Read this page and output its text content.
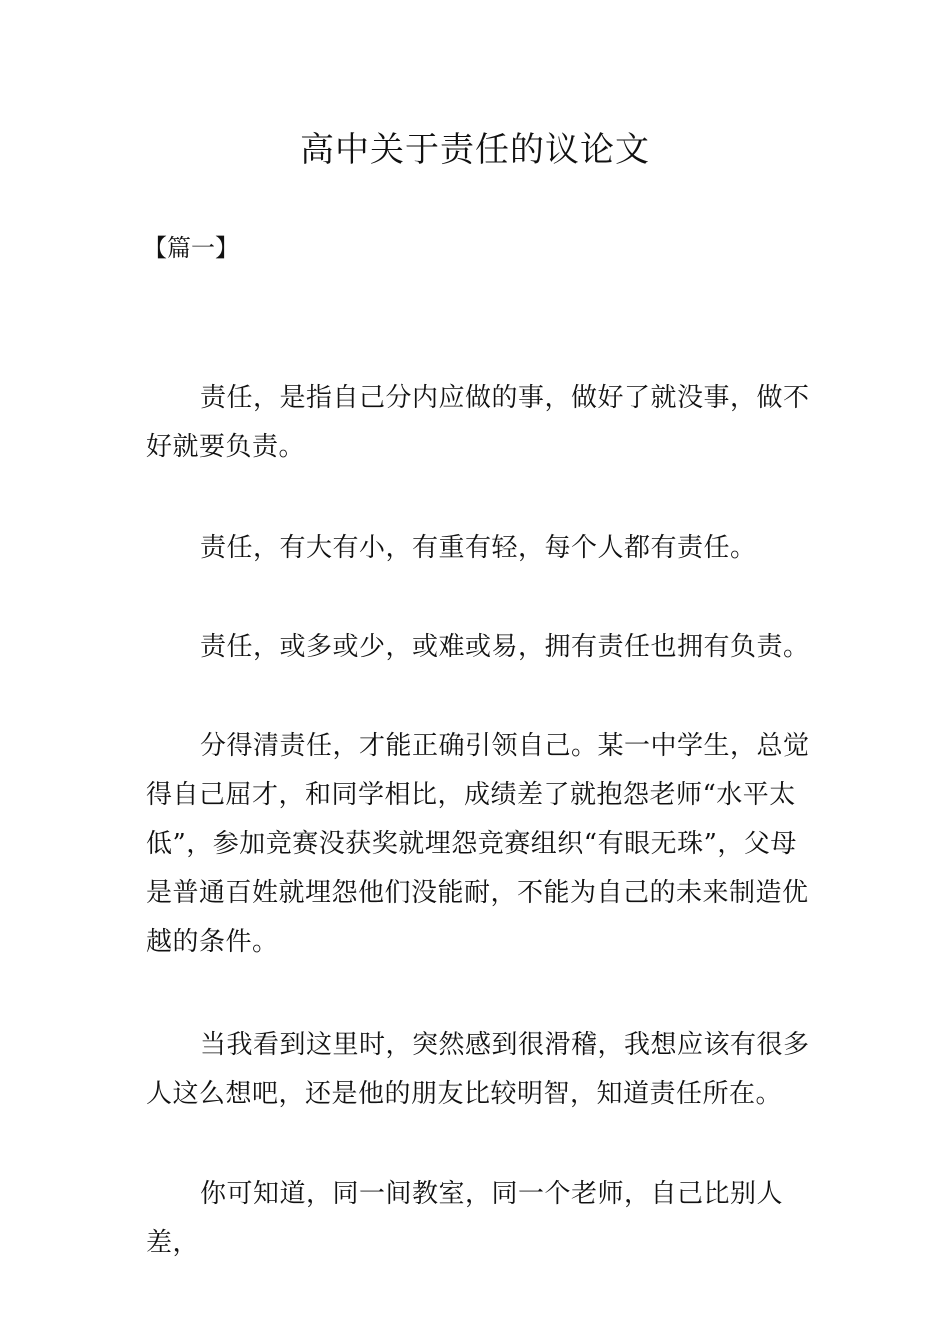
高中关于责任的议论文
【篇一】

责任，是指自己分内应做的事，做好了就没事，做不好就要负责。

责任，有大有小，有重有轻，每个人都有责任。

责任，或多或少，或难或易，拥有责任也拥有负责。

分得清责任，才能正确引领自己。某一中学生，总觉得自己屈才，和同学相比，成绩差了就抱怨老师“水平太低”，参加竞赛没获奖就埋怨竞赛组织“有眼无珠”，父母是普通百姓就埋怨他们没能耐，不能为自己的未来制造优越的条件。

当我看到这里时，突然感到很滑稽，我想应该有很多人这么想吧，还是他的朋友比较明智，知道责任所在。

你可知道，同一间教室，同一个老师，自己比别人差，
